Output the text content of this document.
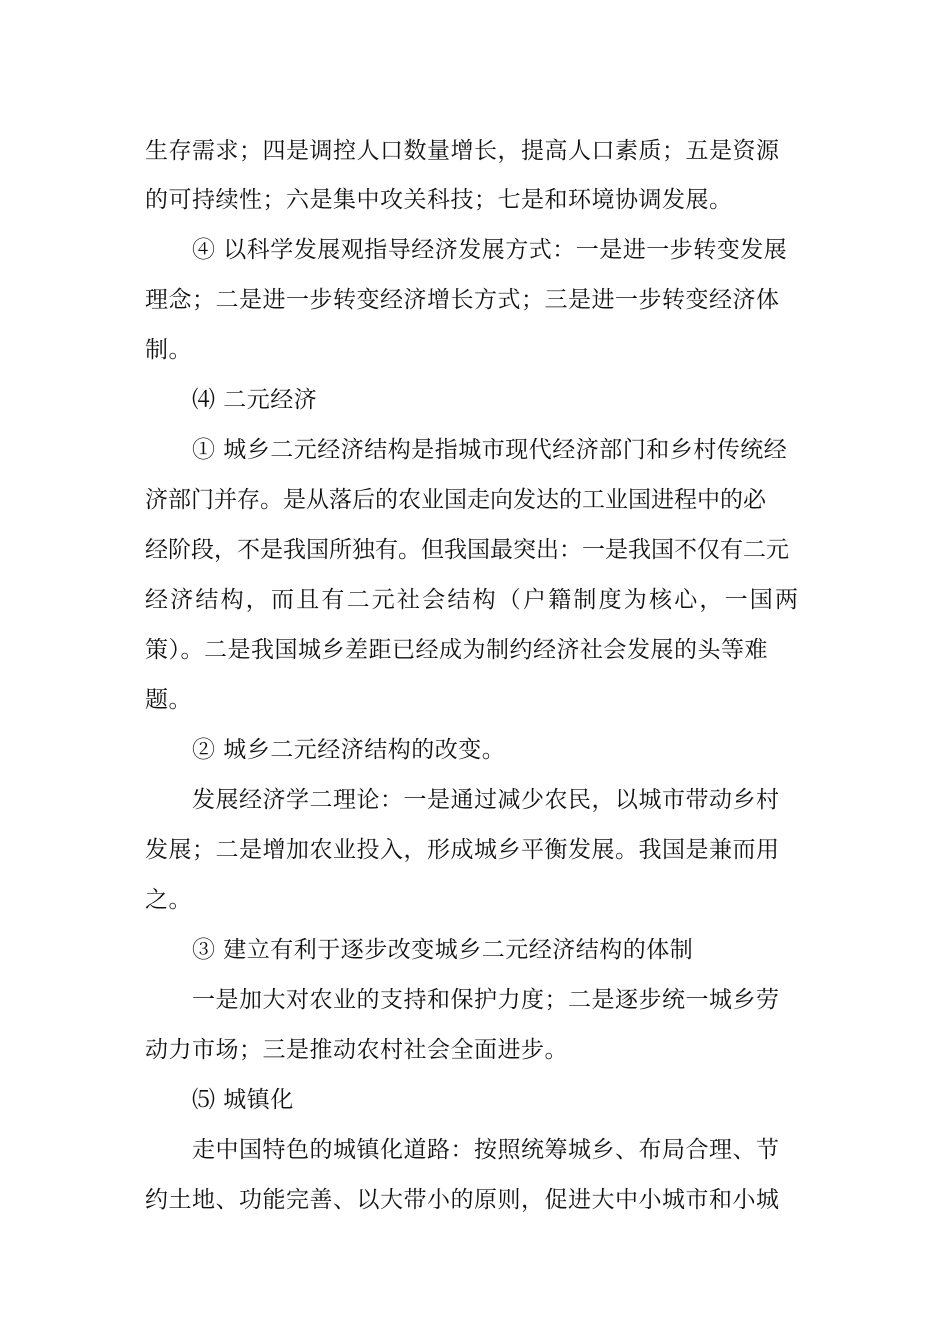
生存需求；四是调控人口数量增长，提高人口素质；五是资源
的可持续性；六是集中攻关科技；七是和环境协调发展。
④ 以科学发展观指导经济发展方式：一是进一步转变发展
理念；二是进一步转变经济增长方式；三是进一步转变经济体
制。
⑷ 二元经济
① 城乡二元经济结构是指城市现代经济部门和乡村传统经
济部门并存。是从落后的农业国走向发达的工业国进程中的必
经阶段，不是我国所独有。但我国最突出：一是我国不仅有二元
经济结构，而且有二元社会结构（户籍制度为核心，一国两
策）。二是我国城乡差距已经成为制约经济社会发展的头等难
题。
② 城乡二元经济结构的改变。
发展经济学二理论：一是通过减少农民，以城市带动乡村
发展；二是增加农业投入，形成城乡平衡发展。我国是兼而用
之。
③ 建立有利于逐步改变城乡二元经济结构的体制
一是加大对农业的支持和保护力度；二是逐步统一城乡劳
动力市场；三是推动农村社会全面进步。
⑸ 城镇化
走中国特色的城镇化道路：按照统筹城乡、布局合理、节
约土地、功能完善、以大带小的原则，促进大中小城市和小城
